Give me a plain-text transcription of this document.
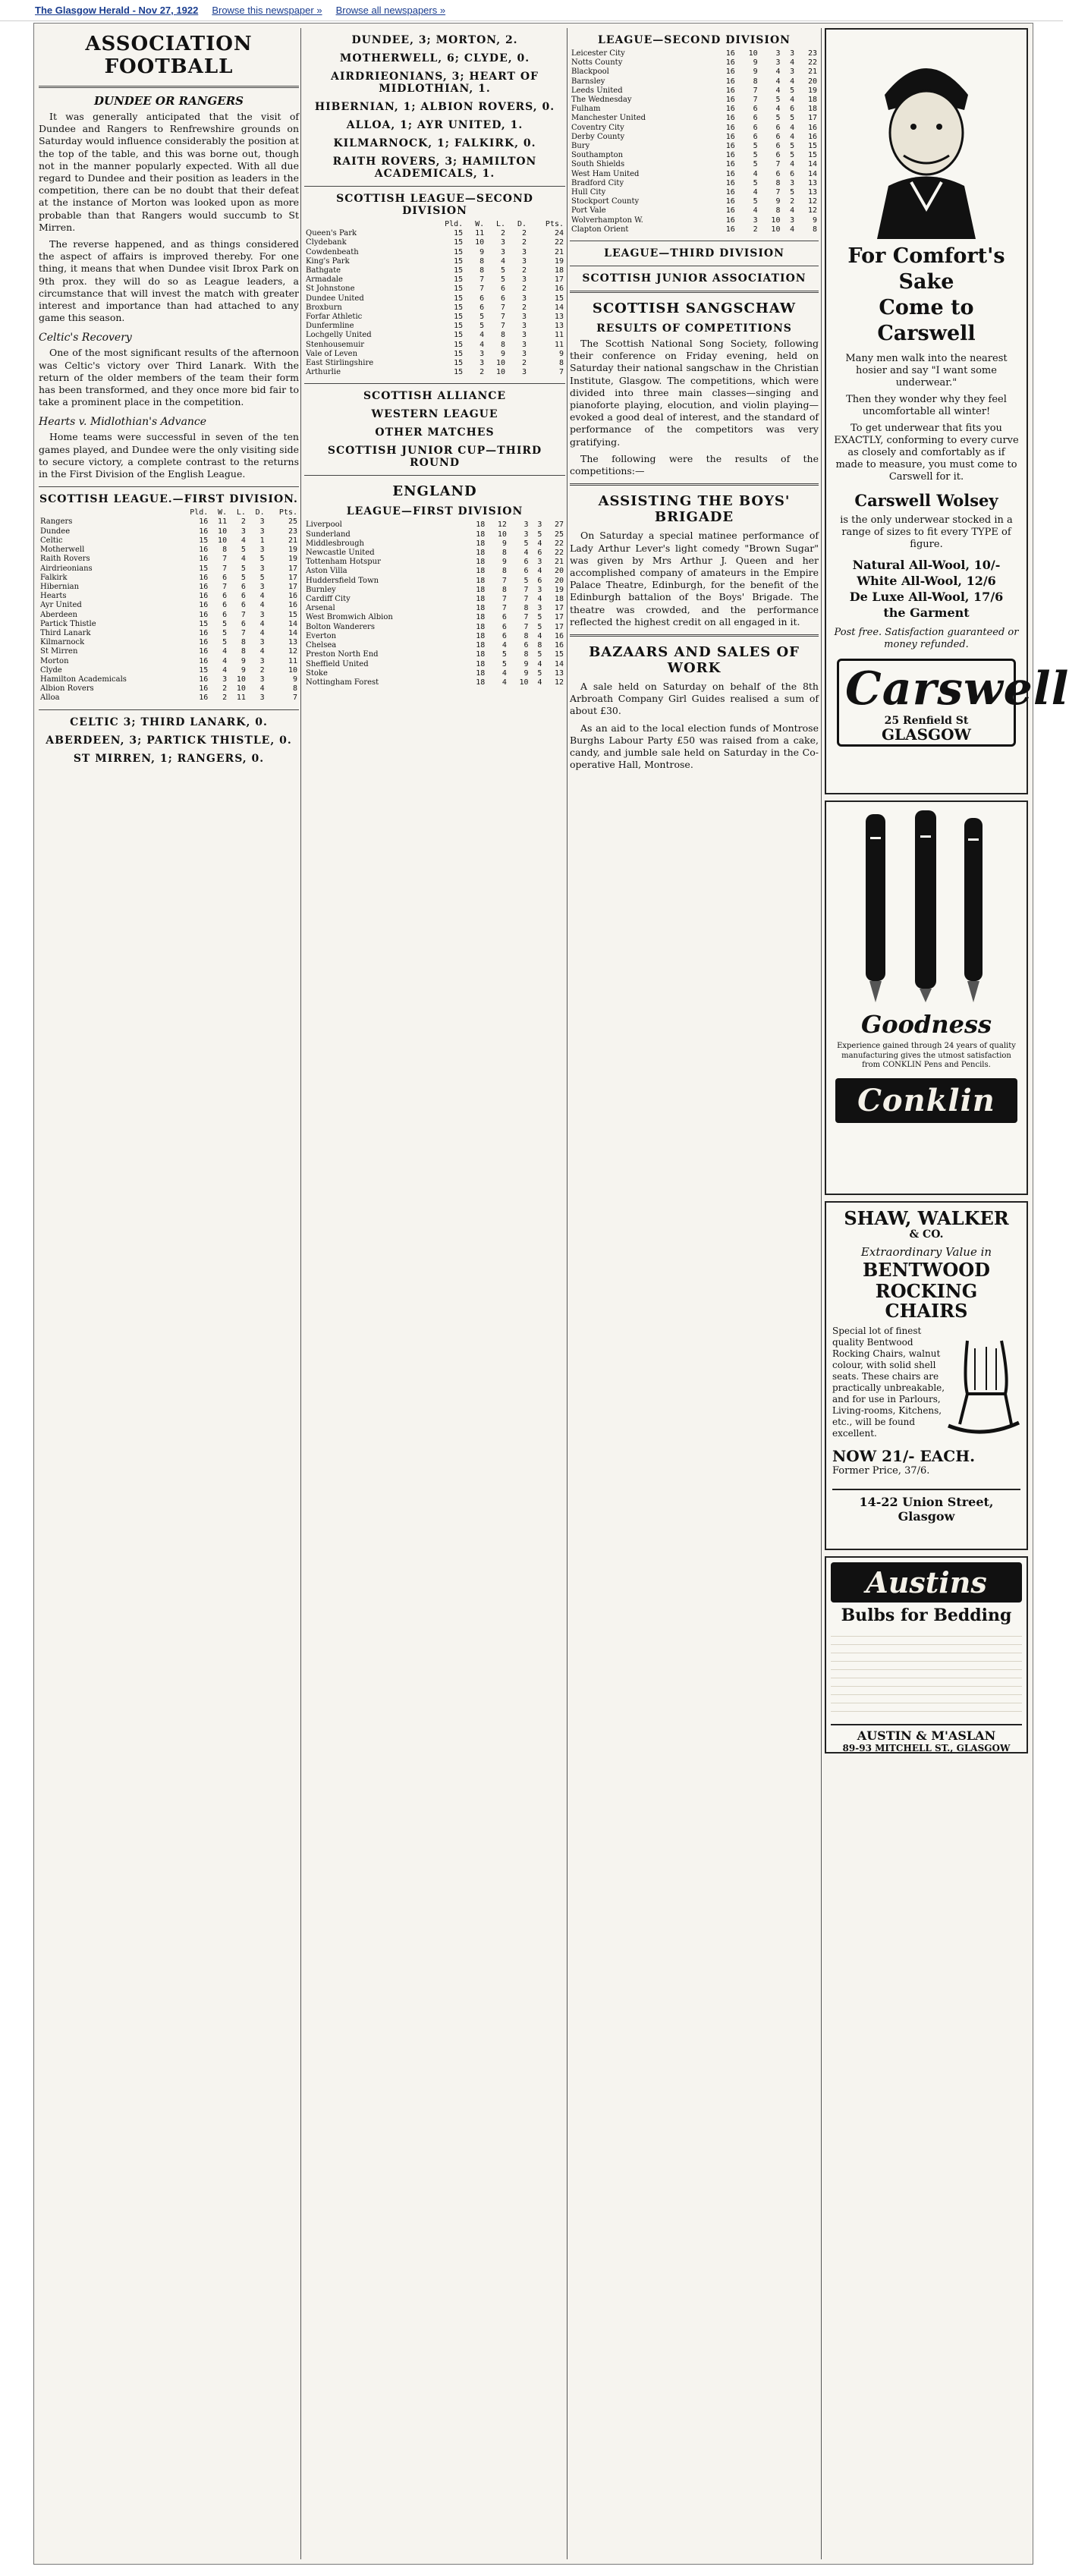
The Glasgow Herald - Nov 27, 1922 Browse this newspaper » Browse all newspapers »
ASSOCIATION FOOTBALL
DUNDEE OR RANGERS

It was generally anticipated that the visit of Dundee and Rangers to Renfrewshire grounds on Saturday would influence considerably the position at the top of the table, and this was borne out, though not in the manner popularly expected. With all due regard to Dundee and their position as leaders in the competition, there can be no doubt that their defeat at the instance of Morton was looked upon as more probable than that Rangers would succumb to St Mirren.

The reverse happened, and as things considered the aspect of affairs is improved thereby. For one thing, it means that when Dundee visit Ibrox Park on 9th prox. they will do so as League leaders, a circumstance that will invest the match with greater interest and importance than had attached to any game this season.

Celtic's Recovery

One of the most significant results of the afternoon was Celtic's victory over Third Lanark. With the return of the older members of the team their form has been transformed, and they once more bid fair to take a prominent place in the competition.

Hearts v. Midlothian's Advance

Home teams were successful in seven of the ten games played, and Dundee were the only visiting side to secure victory, a complete contrast to the returns in the First Division of the English League.

SCOTTISH LEAGUE.—FIRST DIVISION.
	Pld.	W.	L.	D.	Pts.
Rangers	16	11	2	3	25
Dundee	16	10	3	3	23
Celtic	15	10	4	1	21
Motherwell	16	8	5	3	19
Raith Rovers	16	7	4	5	19
Airdrieonians	15	7	5	3	17
Falkirk	16	6	5	5	17
Hibernian	16	7	6	3	17
Hearts	16	6	6	4	16
Ayr United	16	6	6	4	16
Aberdeen	16	6	7	3	15
Partick Thistle	15	5	6	4	14
Third Lanark	16	5	7	4	14
Kilmarnock	16	5	8	3	13
St Mirren	16	4	8	4	12
Morton	16	4	9	3	11
Clyde	15	4	9	2	10
Hamilton Academicals	16	3	10	3	9
Albion Rovers	16	2	10	4	8
Alloa	16	2	11	3	7
CELTIC 3; THIRD LANARK, 0.
ABERDEEN, 3; PARTICK THISTLE, 0.
ST MIRREN, 1; RANGERS, 0.
DUNDEE, 3; MORTON, 2.
MOTHERWELL, 6; CLYDE, 0.
AIRDRIEONIANS, 3; HEART OF MIDLOTHIAN, 1.
HIBERNIAN, 1; ALBION ROVERS, 0.
ALLOA, 1; AYR UNITED, 1.
KILMARNOCK, 1; FALKIRK, 0.
RAITH ROVERS, 3; HAMILTON ACADEMICALS, 1.
SCOTTISH LEAGUE—SECOND DIVISION
	Pld.	W.	L.	D.	Pts.
Queen's Park	15	11	2	2	24
Clydebank	15	10	3	2	22
Cowdenbeath	15	9	3	3	21
King's Park	15	8	4	3	19
Bathgate	15	8	5	2	18
Armadale	15	7	5	3	17
St Johnstone	15	7	6	2	16
Dundee United	15	6	6	3	15
Broxburn	15	6	7	2	14
Forfar Athletic	15	5	7	3	13
Dunfermline	15	5	7	3	13
Lochgelly United	15	4	8	3	11
Stenhousemuir	15	4	8	3	11
Vale of Leven	15	3	9	3	9
East Stirlingshire	15	3	10	2	8
Arthurlie	15	2	10	3	7
SCOTTISH ALLIANCE
WESTERN LEAGUE
OTHER MATCHES
SCOTTISH JUNIOR CUP—THIRD ROUND
ENGLAND
LEAGUE—FIRST DIVISION
Liverpool	18	12	3	3	27
Sunderland	18	10	3	5	25
Middlesbrough	18	9	5	4	22
Newcastle United	18	8	4	6	22
Tottenham Hotspur	18	9	6	3	21
Aston Villa	18	8	6	4	20
Huddersfield Town	18	7	5	6	20
Burnley	18	8	7	3	19
Cardiff City	18	7	7	4	18
Arsenal	18	7	8	3	17
West Bromwich Albion	18	6	7	5	17
Bolton Wanderers	18	6	7	5	17
Everton	18	6	8	4	16
Chelsea	18	4	6	8	16
Preston North End	18	5	8	5	15
Sheffield United	18	5	9	4	14
Stoke	18	4	9	5	13
Nottingham Forest	18	4	10	4	12
LEAGUE—SECOND DIVISION
Leicester City	16	10	3	3	23
Notts County	16	9	3	4	22
Blackpool	16	9	4	3	21
Barnsley	16	8	4	4	20
Leeds United	16	7	4	5	19
The Wednesday	16	7	5	4	18
Fulham	16	6	4	6	18
Manchester United	16	6	5	5	17
Coventry City	16	6	6	4	16
Derby County	16	6	6	4	16
Bury	16	5	6	5	15
Southampton	16	5	6	5	15
South Shields	16	5	7	4	14
West Ham United	16	4	6	6	14
Bradford City	16	5	8	3	13
Hull City	16	4	7	5	13
Stockport County	16	5	9	2	12
Port Vale	16	4	8	4	12
Wolverhampton W.	16	3	10	3	9
Clapton Orient	16	2	10	4	8
LEAGUE—THIRD DIVISION
SCOTTISH JUNIOR ASSOCIATION
SCOTTISH SANGSCHAW
RESULTS OF COMPETITIONS

The Scottish National Song Society, following their conference on Friday evening, held on Saturday their national sangschaw in the Christian Institute, Glasgow. The competitions, which were divided into three main classes—singing and pianoforte playing, elocution, and violin playing—evoked a good deal of interest, and the standard of performance of the competitors was very gratifying.

The following were the results of the competitions:—

ASSISTING THE BOYS' BRIGADE

On Saturday a special matinee performance of Lady Arthur Lever's light comedy "Brown Sugar" was given by Mrs Arthur J. Queen and her accomplished company of amateurs in the Empire Palace Theatre, Edinburgh, for the benefit of the Edinburgh battalion of the Boys' Brigade. The theatre was crowded, and the performance reflected the highest credit on all engaged in it.

BAZAARS AND SALES OF WORK

A sale held on Saturday on behalf of the 8th Arbroath Company Girl Guides realised a sum of about £30.

As an aid to the local election funds of Montrose Burghs Labour Party £50 was raised from a cake, candy, and jumble sale held on Saturday in the Co-operative Hall, Montrose.

For Comfort's Sake
Come to Carswell
Many men walk into the nearest hosier and say "I want some underwear."
Then they wonder why they feel uncomfortable all winter!
To get underwear that fits you EXACTLY, conforming to every curve as closely and comfortably as if made to measure, you must come to Carswell for it.
Carswell Wolsey
is the only underwear stocked in a range of sizes to fit every TYPE of figure.
Natural All-Wool, 10/-
White All-Wool, 12/6
De Luxe All-Wool, 17/6
the Garment
Post free. Satisfaction guaranteed or money refunded.
Carswell
25 Renfield St
GLASGOW
Goodness
Experience gained through 24 years of quality manufacturing gives the utmost satisfaction from CONKLIN Pens and Pencils.
Conklin
SHAW, WALKER
& CO.
Extraordinary Value in
BENTWOOD
ROCKING CHAIRS
Special lot of finest quality Bentwood Rocking Chairs, walnut colour, with solid shell seats. These chairs are practically unbreakable, and for use in Parlours, Living-rooms, Kitchens, etc., will be found excellent.
NOW 21/- EACH.
Former Price, 37/6.
14-22 Union Street, Glasgow
Austins
Bulbs for Bedding
AUSTIN & M'ASLAN
89-93 MITCHELL ST., GLASGOW
